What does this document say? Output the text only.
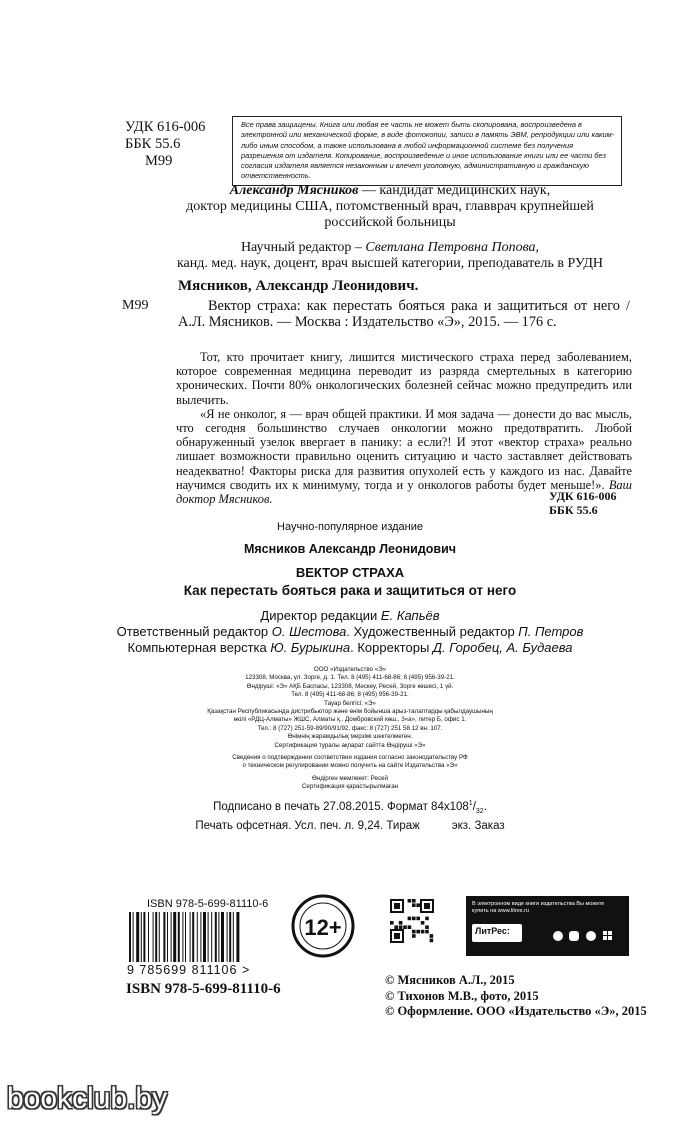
УДК 616-006
ББК 55.6
М99
Все права защищены. Книга или любая ее часть не может быть скопирована, воспроизведена в электронной или механической форме, в виде фотокопии, записи в память ЭВМ, репродукции или каким-либо иным способом, а также использована в любой информационной системе без получения разрешения от издателя. Копирование, воспроизведение и иное использование книги или ее части без согласия издателя является незаконным и влечет уголовную, административную и гражданскую ответственность.
Александр Мясников — кандидат медицинских наук,
доктор медицины США, потомственный врач, главврач крупнейшей
российской больницы
Научный редактор – Светлана Петровна Попова,
канд. мед. наук, доцент, врач высшей категории, преподаватель в РУДН
Мясников, Александр Леонидович.
М99	Вектор страха: как перестать бояться рака и защититься от него / А.Л. Мясников. — Москва : Издательство «Э», 2015. — 176 с.

Тот, кто прочитает книгу, лишится мистического страха перед заболеванием, которое современная медицина переводит из разряда смертельных в категорию хронических. Почти 80% онкологических болезней сейчас можно предупредить или вылечить.

«Я не онколог, я — врач общей практики. И моя задача — донести до вас мысль, что сегодня большинство случаев онкологии можно предотвратить. Любой обнаруженный узелок ввергает в панику: а если?! И этот «вектор страха» реально лишает возможности правильно оценить ситуацию и часто заставляет действовать неадекватно! Факторы риска для развития опухолей есть у каждого из нас. Давайте научимся сводить их к минимуму, тогда и у онкологов работы будет меньше!». Ваш доктор Мясников.	УДК 616-006
ББК 55.6
Научно-популярное издание
Мясников Александр Леонидович
ВЕКТОР СТРАХА
Как перестать бояться рака и защититься от него
Директор редакции Е. Капьёв
Ответственный редактор О. Шестова. Художественный редактор П. Петров
Компьютерная верстка Ю. Бурыкина. Корректоры Д. Горобец, А. Будаева
ООО «Издательство «Э»
123308, Москва, ул. Зорге, д. 1. Тел. 8 (495) 411-68-86; 8 (495) 956-39-21.
Өндіруші: «Э» АҚБ Баспасы, 123308, Мәскеу, Ресей, Зорге көшесі, 1 үй.
Тел. 8 (495) 411-68-86; 8 (495) 956-39-21.
Тауар белгісі: «Э»
Қазақстан Республикасында дистрибьютор және өнім бойынша арыз-талаптарды қабылдаушының
өкілі «РДЦ-Алматы» ЖШС, Алматы қ., Домбровский көш., 3«а», литер Б, офис 1.
Тел.: 8 (727) 251-59-89/90/91/92, факс: 8 (727) 251 58 12 вн. 107.
Өнімнің жарамдылық мерзімі шектелмеген.
Сертификация туралы ақпарат сайтта Өндіруші «Э»
Сведения о подтверждении соответствия издания согласно законодательству РФ
о техническом регулировании можно получить на сайте Издательства «Э»
Өндірген мемлекет: Ресей
Сертификация қарастырылмаған
Подписано в печать 27.08.2015. Формат $84х108^1/_{32}$.
Печать офсетная. Усл. печ. л. 9,24. Тираж          экз. Заказ
ISBN 978-5-699-81110-6
9 785699 811106 >
ISBN 978-5-699-81110-6
12+
В электронном виде книги издательства Вы можете купить на www.litres.ru
ЛитРес:
© Мясников А.Л., 2015
© Тихонов М.В., фото, 2015
© Оформление. ООО «Издательство «Э», 2015
bookclub.by
